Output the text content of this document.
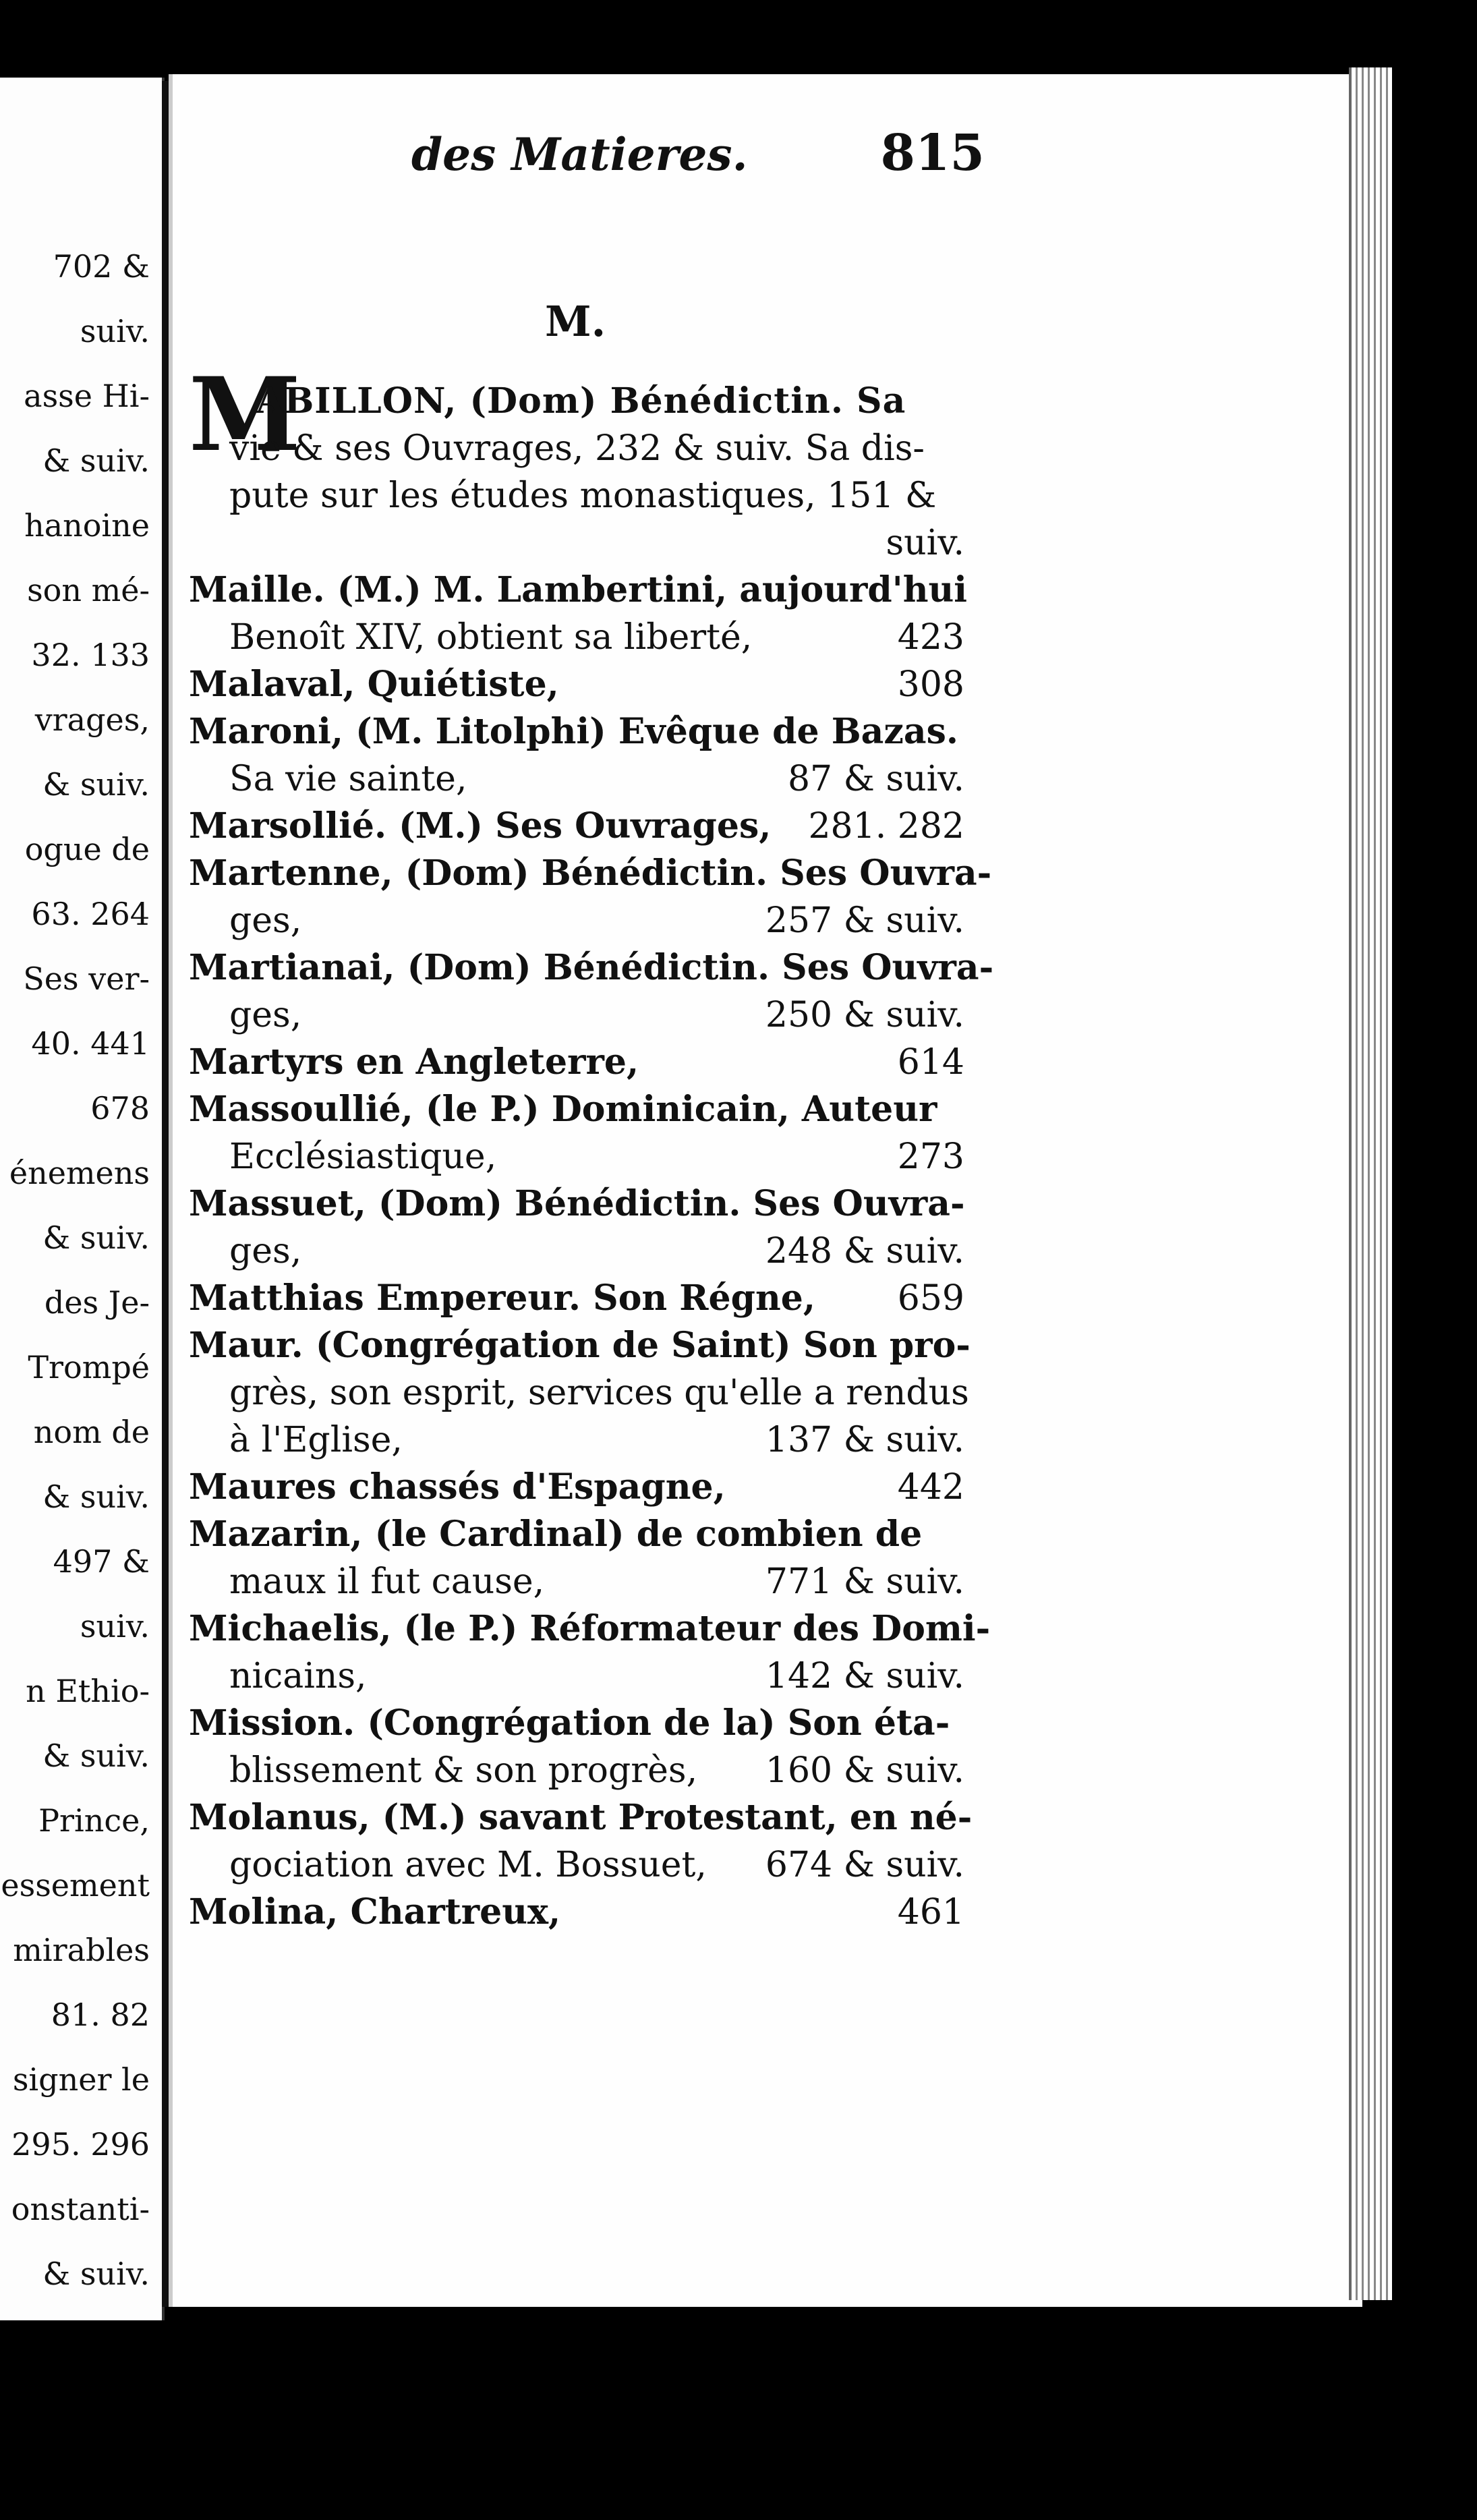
702 &
suiv.
asse Hi-
& suiv.
hanoine
son mé-
32. 133
vrages,
& suiv.
ogue de
63. 264
Ses ver-
40. 441
678
énemens
& suiv.
des Je-
Trompé
nom de
& suiv.
497 &
suiv.
n Ethio-
& suiv.
Prince,
essement
mirables
81. 82
signer le
295. 296
onstanti-
& suiv.
des Matieres.	815
M.
M
ABILLON, (Dom) Bénédictin. Sa
vie & ses Ouvrages, 232 & suiv. Sa dis-
pute sur les études monastiques, 151 &
suiv.
Maille. (M.) M. Lambertini, aujourd'hui
Benoît XIV, obtient sa liberté,	423
Malaval, Quiétiste,	308
Maroni, (M. Litolphi) Evêque de Bazas.
Sa vie sainte,	87 & suiv.
Marsollié. (M.) Ses Ouvrages, 281. 282
Martenne, (Dom) Bénédictin. Ses Ouvra-
ges,	257 & suiv.
Martianai, (Dom) Bénédictin. Ses Ouvra-
ges,	250 & suiv.
Martyrs en Angleterre,	614
Massoullié, (le P.) Dominicain, Auteur
Ecclésiastique,	273
Massuet, (Dom) Bénédictin. Ses Ouvra-
ges,	248 & suiv.
Matthias Empereur. Son Régne, 659
Maur. (Congrégation de Saint) Son pro-
grès, son esprit, services qu'elle a rendus
à l'Eglise,	137 & suiv.
Maures chassés d'Espagne,	442
Mazarin, (le Cardinal) de combien de
maux il fut cause,	771 & suiv.
Michaelis, (le P.) Réformateur des Domi-
nicains,	142 & suiv.
Mission. (Congrégation de la) Son éta-
blissement & son progrès, 160 & suiv.
Molanus, (M.) savant Protestant, en né-
gociation avec M. Bossuet, 674 & suiv.
Molina, Chartreux,	461
